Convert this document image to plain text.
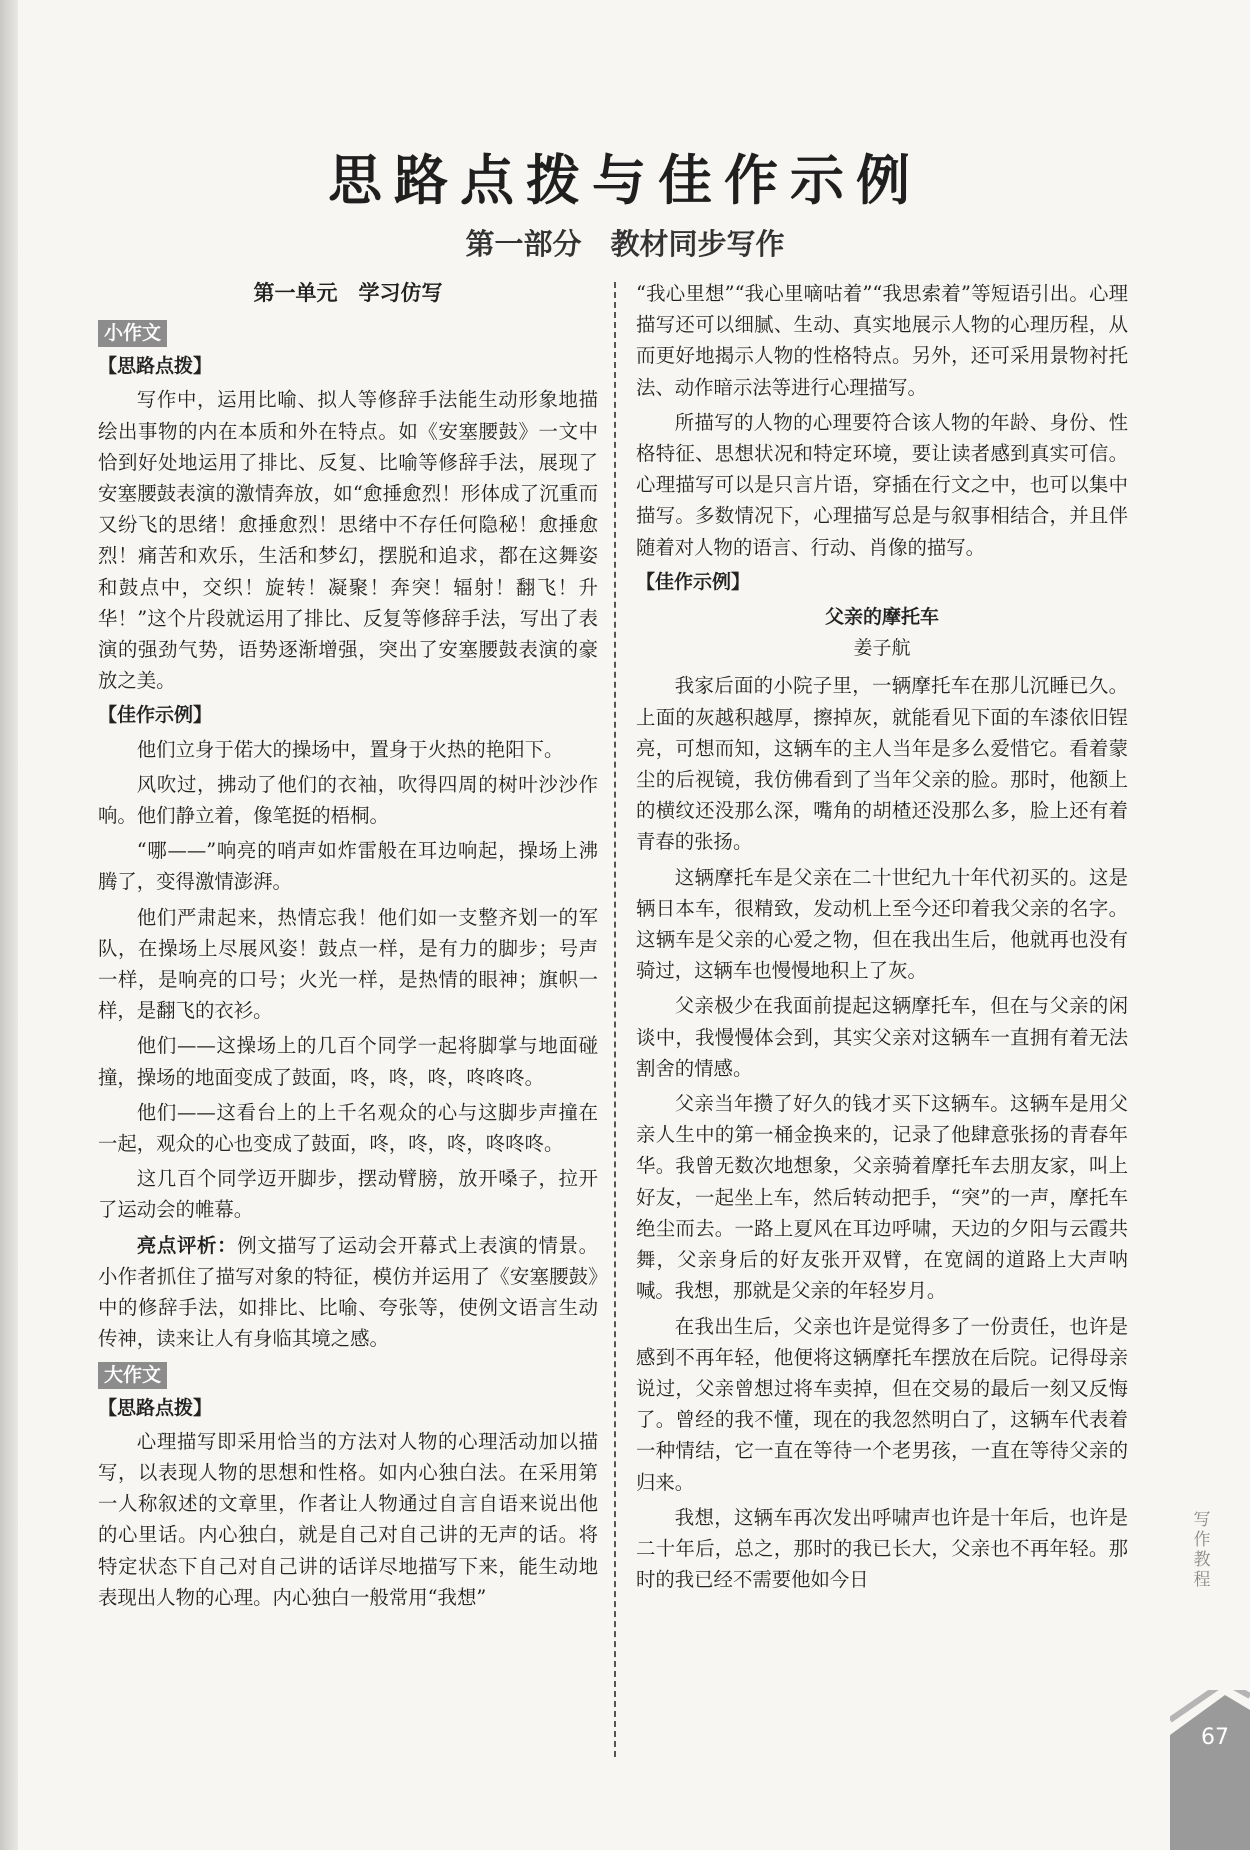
思路点拨与佳作示例
第一部分　教材同步写作
第一单元　学习仿写
小作文
【思路点拨】

写作中，运用比喻、拟人等修辞手法能生动形象地描绘出事物的内在本质和外在特点。如《安塞腰鼓》一文中恰到好处地运用了排比、反复、比喻等修辞手法，展现了安塞腰鼓表演的激情奔放，如“愈捶愈烈！形体成了沉重而又纷飞的思绪！愈捶愈烈！思绪中不存任何隐秘！愈捶愈烈！痛苦和欢乐，生活和梦幻，摆脱和追求，都在这舞姿和鼓点中，交织！旋转！凝聚！奔突！辐射！翻飞！升华！”这个片段就运用了排比、反复等修辞手法，写出了表演的强劲气势，语势逐渐增强，突出了安塞腰鼓表演的豪放之美。

【佳作示例】

他们立身于偌大的操场中，置身于火热的艳阳下。

风吹过，拂动了他们的衣袖，吹得四周的树叶沙沙作响。他们静立着，像笔挺的梧桐。

“哪——”响亮的哨声如炸雷般在耳边响起，操场上沸腾了，变得激情澎湃。

他们严肃起来，热情忘我！他们如一支整齐划一的军队，在操场上尽展风姿！鼓点一样，是有力的脚步；号声一样，是响亮的口号；火光一样，是热情的眼神；旗帜一样，是翻飞的衣衫。

他们——这操场上的几百个同学一起将脚掌与地面碰撞，操场的地面变成了鼓面，咚，咚，咚，咚咚咚。

他们——这看台上的上千名观众的心与这脚步声撞在一起，观众的心也变成了鼓面，咚，咚，咚，咚咚咚。

这几百个同学迈开脚步，摆动臂膀，放开嗓子，拉开了运动会的帷幕。

亮点评析：例文描写了运动会开幕式上表演的情景。小作者抓住了描写对象的特征，模仿并运用了《安塞腰鼓》中的修辞手法，如排比、比喻、夸张等，使例文语言生动传神，读来让人有身临其境之感。

大作文
【思路点拨】

心理描写即采用恰当的方法对人物的心理活动加以描写，以表现人物的思想和性格。如内心独白法。在采用第一人称叙述的文章里，作者让人物通过自言自语来说出他的心里话。内心独白，就是自己对自己讲的无声的话。将特定状态下自己对自己讲的话详尽地描写下来，能生动地表现出人物的心理。内心独白一般常用“我想”

“我心里想”“我心里嘀咕着”“我思索着”等短语引出。心理描写还可以细腻、生动、真实地展示人物的心理历程，从而更好地揭示人物的性格特点。另外，还可采用景物衬托法、动作暗示法等进行心理描写。

所描写的人物的心理要符合该人物的年龄、身份、性格特征、思想状况和特定环境，要让读者感到真实可信。心理描写可以是只言片语，穿插在行文之中，也可以集中描写。多数情况下，心理描写总是与叙事相结合，并且伴随着对人物的语言、行动、肖像的描写。

【佳作示例】
父亲的摩托车
姜子航

我家后面的小院子里，一辆摩托车在那儿沉睡已久。上面的灰越积越厚，擦掉灰，就能看见下面的车漆依旧锃亮，可想而知，这辆车的主人当年是多么爱惜它。看着蒙尘的后视镜，我仿佛看到了当年父亲的脸。那时，他额上的横纹还没那么深，嘴角的胡楂还没那么多，脸上还有着青春的张扬。

这辆摩托车是父亲在二十世纪九十年代初买的。这是辆日本车，很精致，发动机上至今还印着我父亲的名字。这辆车是父亲的心爱之物，但在我出生后，他就再也没有骑过，这辆车也慢慢地积上了灰。

父亲极少在我面前提起这辆摩托车，但在与父亲的闲谈中，我慢慢体会到，其实父亲对这辆车一直拥有着无法割舍的情感。

父亲当年攒了好久的钱才买下这辆车。这辆车是用父亲人生中的第一桶金换来的，记录了他肆意张扬的青春年华。我曾无数次地想象，父亲骑着摩托车去朋友家，叫上好友，一起坐上车，然后转动把手，“突”的一声，摩托车绝尘而去。一路上夏风在耳边呼啸，天边的夕阳与云霞共舞，父亲身后的好友张开双臂，在宽阔的道路上大声呐喊。我想，那就是父亲的年轻岁月。

在我出生后，父亲也许是觉得多了一份责任，也许是感到不再年轻，他便将这辆摩托车摆放在后院。记得母亲说过，父亲曾想过将车卖掉，但在交易的最后一刻又反悔了。曾经的我不懂，现在的我忽然明白了，这辆车代表着一种情结，它一直在等待一个老男孩，一直在等待父亲的归来。

我想，这辆车再次发出呼啸声也许是十年后，也许是二十年后，总之，那时的我已长大，父亲也不再年轻。那时的我已经不需要他如今日

写作教程
67
